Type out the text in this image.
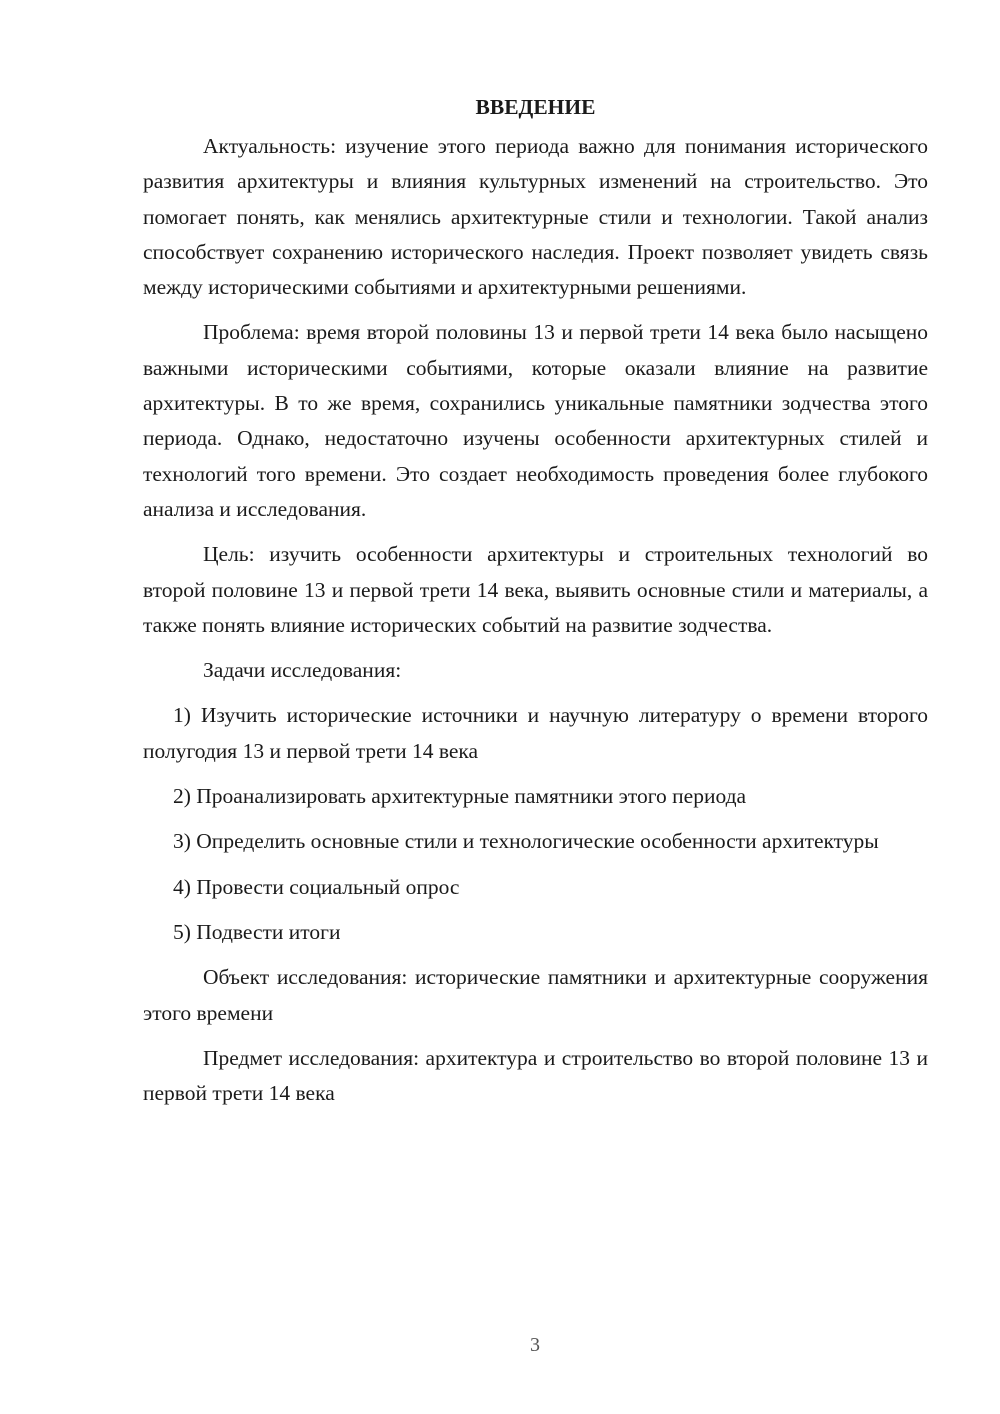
ВВЕДЕНИЕ

Актуальность: изучение этого периода важно для понимания исторического развития архитектуры и влияния культурных изменений на строительство. Это помогает понять, как менялись архитектурные стили и технологии. Такой анализ способствует сохранению исторического наследия. Проект позволяет увидеть связь между историческими событиями и архитектурными решениями.

Проблема: время второй половины 13 и первой трети 14 века было насыщено важными историческими событиями, которые оказали влияние на развитие архитектуры. В то же время, сохранились уникальные памятники зодчества этого периода. Однако, недостаточно изучены особенности архитектурных стилей и технологий того времени. Это создает необходимость проведения более глубокого анализа и исследования.

Цель: изучить особенности архитектуры и строительных технологий во второй половине 13 и первой трети 14 века, выявить основные стили и материалы, а также понять влияние исторических событий на развитие зодчества.

Задачи исследования:

1) Изучить исторические источники и научную литературу о времени второго полугодия 13 и первой трети 14 века

2) Проанализировать архитектурные памятники этого периода

3) Определить основные стили и технологические особенности архитектуры

4) Провести социальный опрос

5) Подвести итоги

Объект исследования: исторические памятники и архитектурные сооружения этого времени

Предмет исследования: архитектура и строительство во второй половине 13 и первой трети 14 века

3
